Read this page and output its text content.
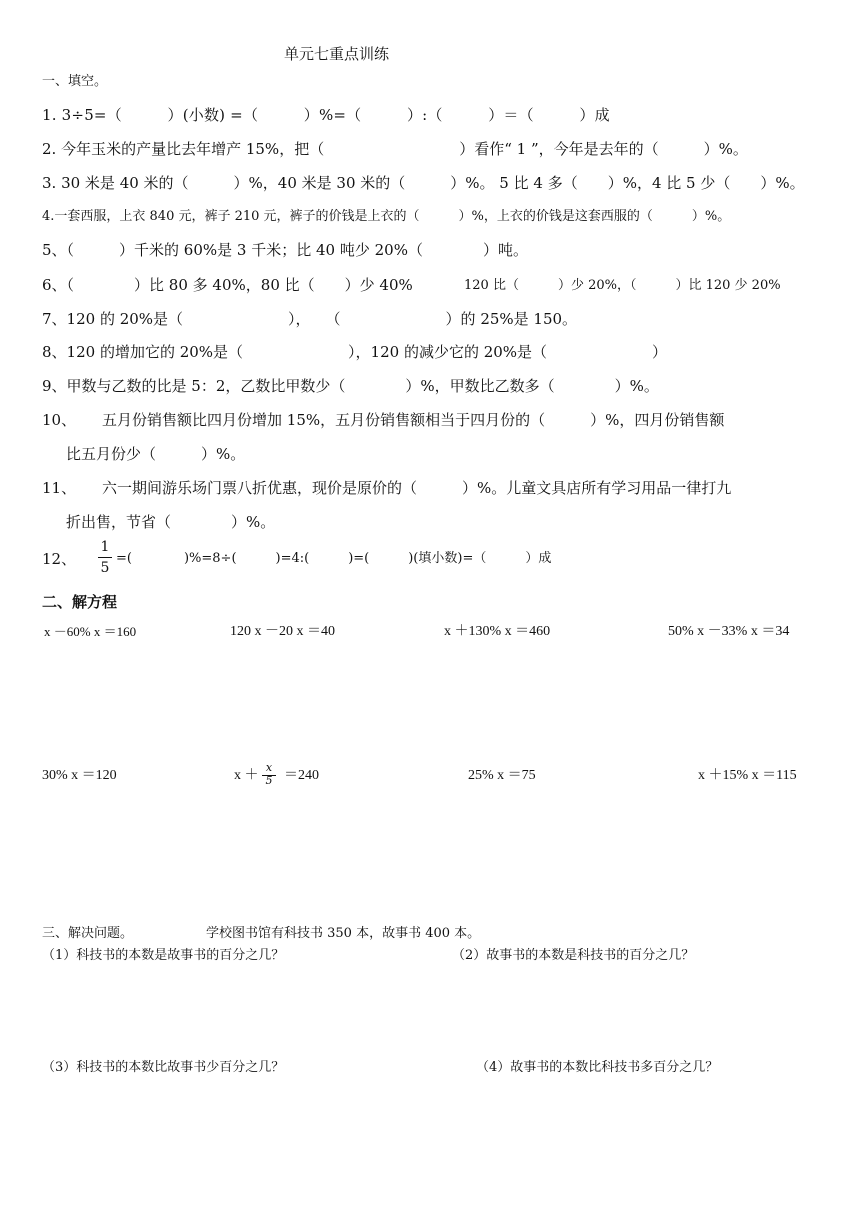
单元七重点训练
一、填空。
1. 3÷5=（　　　）(小数) =（　　　）%=（　　　）:（　　　）＝（　　　）成
2. 今年玉米的产量比去年增产 15%，把（　　　　　　　　　）看作“ 1 ”，今年是去年的（　　　）%。
3. 30 米是 40 米的（　　　）%，40 米是 30 米的（　　　）%。 5 比 4 多（　　）%，4 比 5 少（　　）%。
4.一套西服，上衣 840 元，裤子 210 元，裤子的价钱是上衣的（　　　）%，上衣的价钱是这套西服的（　　　）%。
5、（　　　）千米的 60%是 3 千米；比 40 吨少 20%（　　　　）吨。
6、（　　　　）比 80 多 40%，80 比（　　）少 40%	120 比（　　　）少 20%，（　　　）比 120 少 20%
7、120 的 20%是（　　　　　　　），　　（　　　　　　　）的 25%是 150。
8、120 的增加它的 20%是（　　　　　　　），120 的减少它的 20%是（　　　　　　　）
9、甲数与乙数的比是 5：2，乙数比甲数少（　　　　）%，甲数比乙数多（　　　　）%。
10、 五月份销售额比四月份增加 15%，五月份销售额相当于四月份的（　　　）%，四月份销售额
比五月份少（　　　）%。
11、 六一期间游乐场门票八折优惠，现价是原价的（　　　）%。儿童文具店所有学习用品一律打九
折出售，节省（　　　　）%。
12、
1
5
=(　　　　)%=8÷(　　　)=4:(　　　)=(　　　)(填小数)=（　　　）成
二、解方程
x －60% x ＝160	120 x －20 x ＝40	x ＋130% x ＝460	50% x －33% x ＝34
30% x ＝120	x ＋
x
5 ＝240	25% x ＝75	x ＋15% x ＝115
三、解决问题。	学校图书馆有科技书 350 本，故事书 400 本。
（1）科技书的本数是故事书的百分之几？	（2）故事书的本数是科技书的百分之几？
（3）科技书的本数比故事书少百分之几？	（4）故事书的本数比科技书多百分之几？
